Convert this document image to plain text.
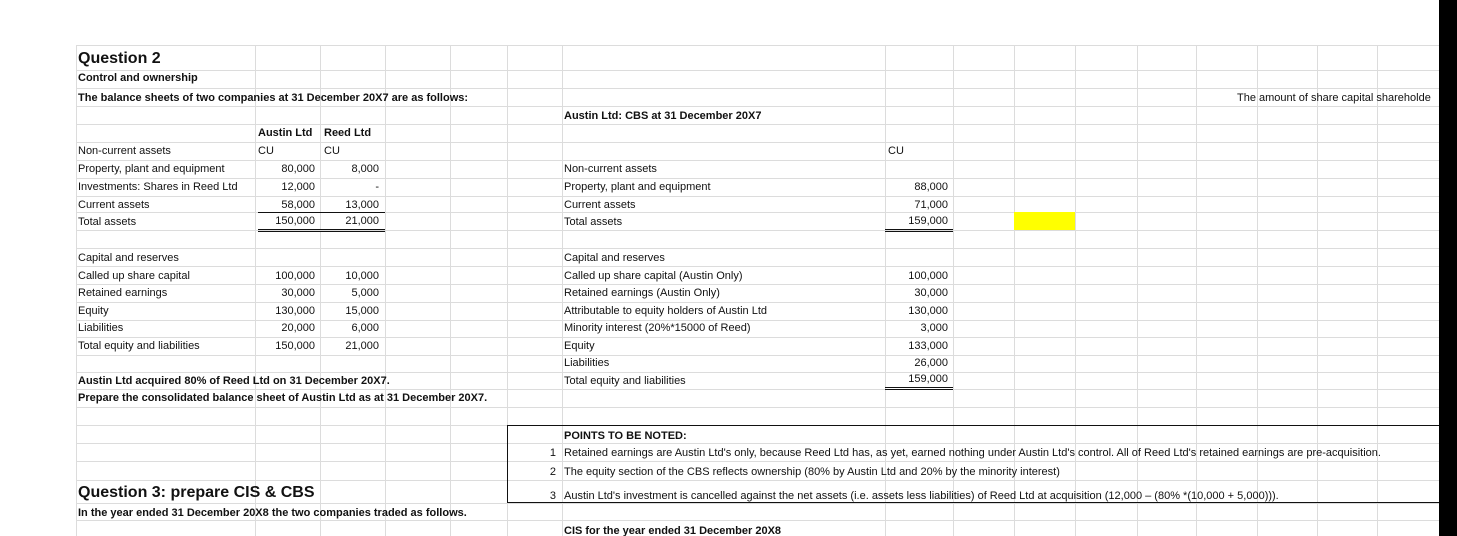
Question 2
Control and ownership
The balance sheets of two companies at 31 December 20X7 are as follows:
Austin Ltd Reed Ltd
CU	CU
Non-current assets
Property, plant and equipment	80,000	8,000
Investments: Shares in Reed Ltd	12,000	-
Current assets	58,000	13,000
Total assets	150,000	21,000
Capital and reserves
Called up share capital	100,000	10,000
Retained earnings	30,000	5,000
Equity	130,000	15,000
Liabilities	20,000	6,000
Total equity and liabilities	150,000	21,000
Austin Ltd acquired 80% of Reed Ltd on 31 December 20X7.
Prepare the consolidated balance sheet of Austin Ltd as at 31 December 20X7.
Austin Ltd: CBS at 31 December 20X7
CU
Non-current assets
Property, plant and equipment	88,000
Current assets	71,000
Total assets	159,000
Capital and reserves
Called up share capital (Austin Only)	100,000
Retained earnings (Austin Only)	30,000
Attributable to equity holders of Austin Ltd	130,000
Minority interest (20%*15000 of Reed)	3,000
Equity	133,000
Liabilities	26,000
Total equity and liabilities	159,000
The amount of share capital shareholde
POINTS TO BE NOTED:
1 Retained earnings are Austin Ltd's only, because Reed Ltd has, as yet, earned nothing under Austin Ltd's control. All of Reed Ltd's retained earnings are pre-acquisition.
2 The equity section of the CBS reflects ownership (80% by Austin Ltd and 20% by the minority interest)
3 Austin Ltd's investment is cancelled against the net assets (i.e. assets less liabilities) of Reed Ltd at acquisition (12,000 – (80% *(10,000 + 5,000))).
Question 3: prepare CIS & CBS
In the year ended 31 December 20X8 the two companies traded as follows.
CIS for the year ended 31 December 20X8
